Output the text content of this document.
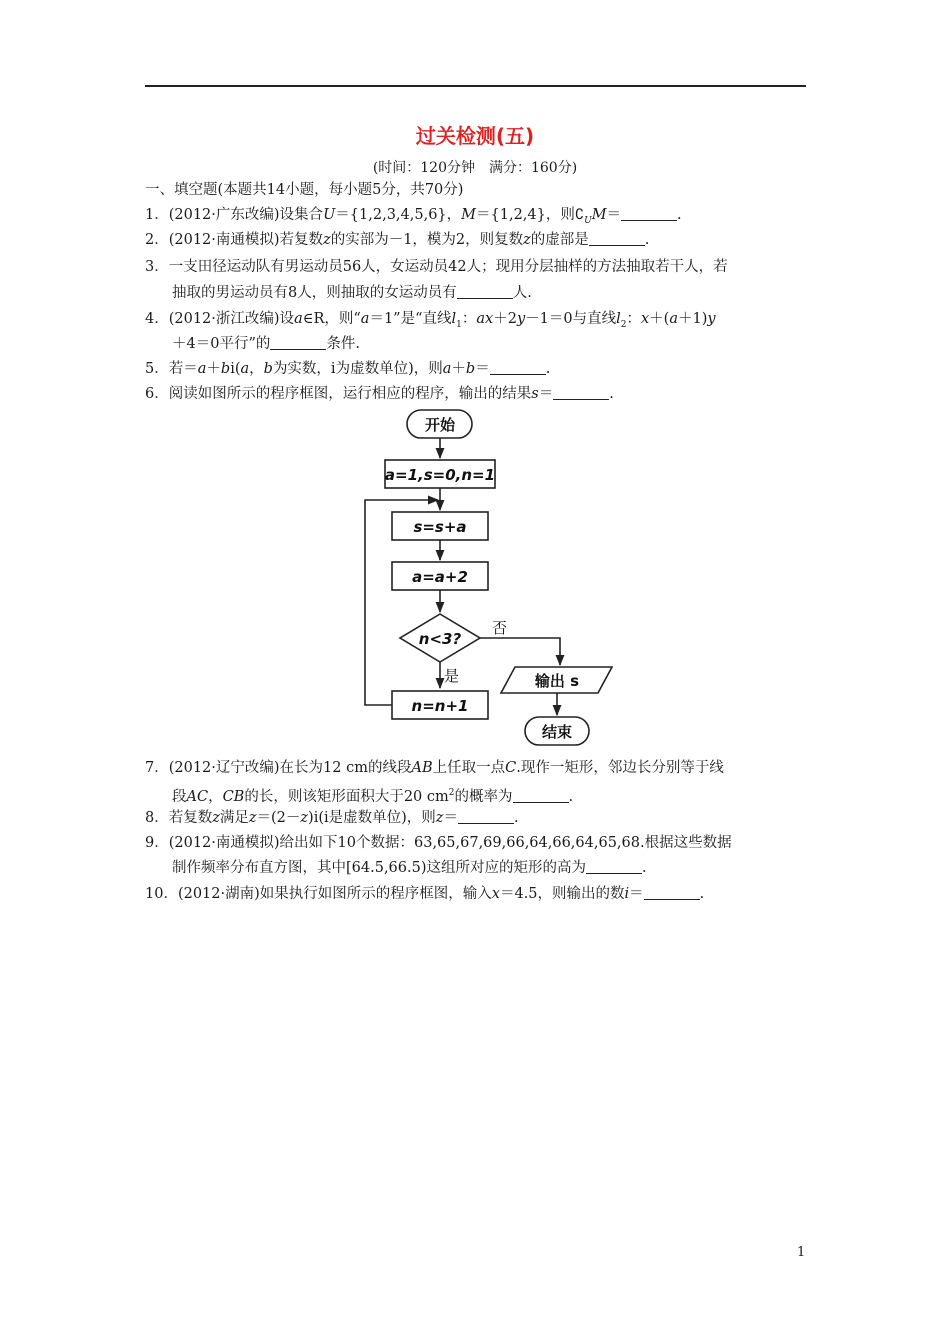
过关检测(五)
(时间：120分钟　满分：160分)
一、填空题(本题共14小题，每小题5分，共70分)
1．(2012·广东改编)设集合U＝{1,2,3,4,5,6}，M＝{1,2,4}，则$∁_UM=$	.
2．(2012·南通模拟)若复数z的实部为－1，模为2，则复数z的虚部是	.
3．一支田径运动队有男运动员56人，女运动员42人；现用分层抽样的方法抽取若干人，若
抽取的男运动员有8人，则抽取的女运动员有	人.
4．(2012·浙江改编)设a∈R，则“a＝1”是“直线$l_1$：ax＋2y－1＝0与直线$l_2$：x＋(a＋1)y
＋4＝0平行”的	条件.
5．若＝a＋bi(a，b为实数，i为虚数单位)，则a＋b＝	.
6．阅读如图所示的程序框图，运行相应的程序，输出的结果s＝	.
开始
a=1,s=0,n=1
s=s+a
a=a+2
n<3?
否
是
n=n+1
输出 s
结束
7．(2012·辽宁改编)在长为12 cm的线段AB上任取一点C.现作一矩形，邻边长分别等于线
段AC，CB的长，则该矩形面积大于20 $cm^2$的概率为	.
8．若复数z满足z＝(2－z)i(i是虚数单位)，则z＝	.
9．(2012·南通模拟)给出如下10个数据：63,65,67,69,66,64,66,64,65,68.根据这些数据
制作频率分布直方图，其中[64.5,66.5)这组所对应的矩形的高为	.
10．(2012·湖南)如果执行如图所示的程序框图，输入x＝4.5，则输出的数i＝	.
1
